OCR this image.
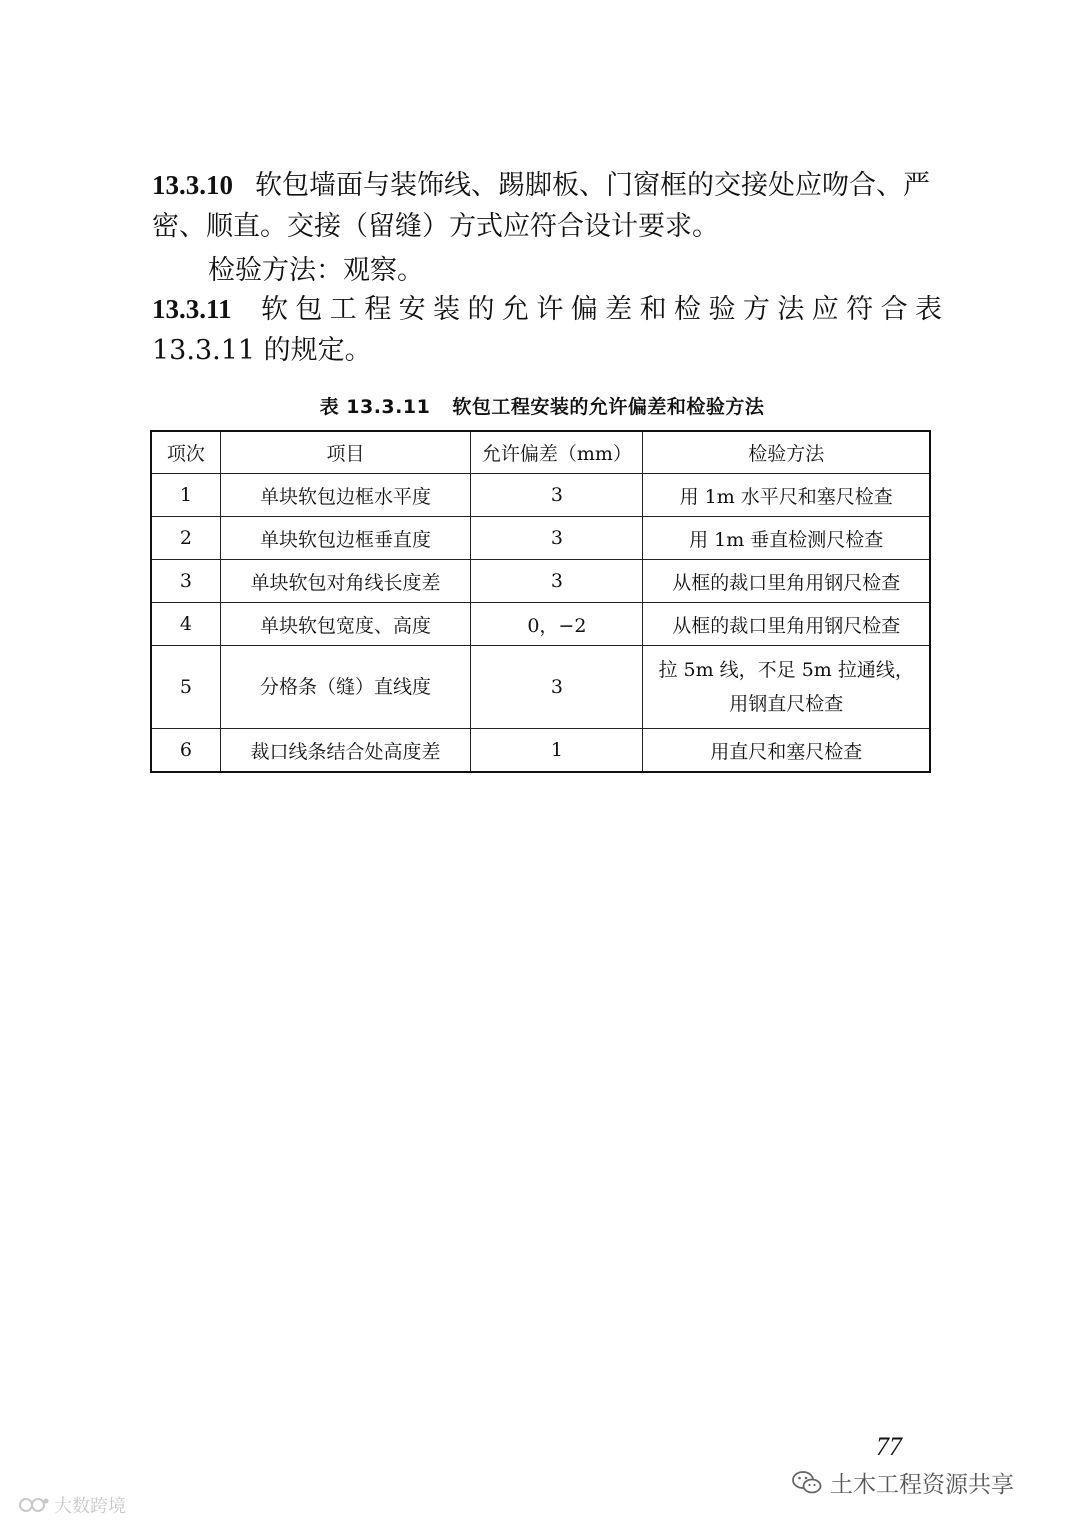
13.3.10 软包墙面与装饰线、踢脚板、门窗框的交接处应吻合、严密、顺直。交接（留缝）方式应符合设计要求。

检验方法：观察。

13.3.11 软包工程安装的允许偏差和检验方法应符合表
13.3.11 的规定。
表 13.3.11 软包工程安装的允许偏差和检验方法
项次	项目	允许偏差（mm）	检验方法
1	单块软包边框水平度	3	用 1m 水平尺和塞尺检查
2	单块软包边框垂直度	3	用 1m 垂直检测尺检查
3	单块软包对角线长度差	3	从框的裁口里角用钢尺检查
4	单块软包宽度、高度	0，−2	从框的裁口里角用钢尺检查
5	分格条（缝）直线度	3	拉 5m 线，不足 5m 拉通线，
用钢直尺检查
6	裁口线条结合处高度差	1	用直尺和塞尺检查
77
土木工程资源共享
大数跨境
